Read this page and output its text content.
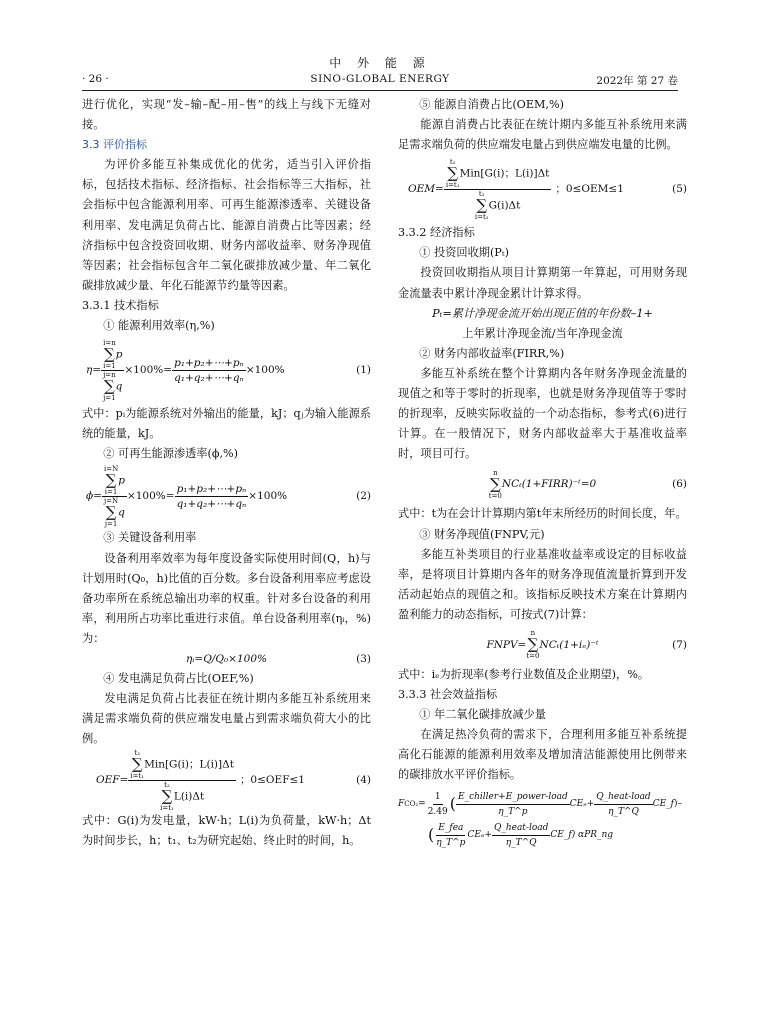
中 外 能 源
· 26 ·	SINO-GLOBAL ENERGY	2022年 第 27 卷

进行优化，实现“发–输–配–用–售”的线上与线下无缝对接。

3.3 评价指标

为评价多能互补集成优化的优劣，适当引入评价指标，包括技术指标、经济指标、社会指标等三大指标，社会指标中包含能源利用率、可再生能源渗透率、关键设备利用率、发电满足负荷占比、能源自消费占比等因素；经济指标中包含投资回收期、财务内部收益率、财务净现值等因素；社会指标包含年二氧化碳排放减少量、年二氧化碳排放减少量、年化石能源节约量等因素。

3.3.1 技术指标

① 能源利用效率(η,%)

η= i=n
∑
i=1
p
j=n
∑
j=1
$q \times 100\%= \frac{\text{p₁+p₂+⋯+pₙ}}{\text{q₁+q₂+⋯+qₙ}} \times 100\%$	(1)

式中：pᵢ为能源系统对外输出的能量，kJ；qⱼ为输入能源系统的能量，kJ。

② 可再生能源渗透率(ϕ,%)

ϕ= i=N
∑
i=1
p
j=N
∑
j=1
$q \times 100\%= \frac{\text{p₁+p₂+⋯+pₙ}}{\text{q₁+q₂+⋯+qₙ}} \times 100\%$	(2)

③ 关键设备利用率

设备利用率效率为每年度设备实际使用时间(Q，h)与计划用时(Q₀，h)比值的百分数。多台设备利用率应考虑设备功率所在系统总输出功率的权重。针对多台设备的利用率，利用所占功率比重进行求值。单台设备利用率(ηᵢ，%)为：

ηᵢ=Q/Q₀×100%	(3)

④ 发电满足负荷占比(OEF,%)

发电满足负荷占比表征在统计期内多能互补系统用来满足需求端负荷的供应端发电量占到需求端负荷大小的比例。

OEF= t₂
∑
i=t₁
Min[G(i)；L(i)]Δt
t₂
∑
i=t₁
L(i)Δt ；0≤OEF≤1	(4)

式中：G(i)为发电量，kW·h；L(i)为负荷量，kW·h；Δt为时间步长，h；t₁、t₂为研究起始、终止时的时间，h。

⑤ 能源自消费占比(OEM,%)

能源自消费占比表征在统计期内多能互补系统用来满足需求端负荷的供应端发电量占到供应端发电量的比例。

OEM= t₂
∑
i=t₁
Min[G(i)；L(i)]Δt
t₂
∑
i=t₁
G(i)Δt ；0≤OEM≤1	(5)

3.3.2 经济指标

① 投资回收期(Pₜ)

投资回收期指从项目计算期第一年算起，可用财务现金流量表中累计净现金累计计算求得。

Pₜ=累计净现金流开始出现正值的年份数–1+

上年累计净现金流/当年净现金流

② 财务内部收益率(FIRR,%)

多能互补系统在整个计算期内各年财务净现金流量的现值之和等于零时的折现率，也就是财务净现值等于零时的折现率，反映实际收益的一个动态指标，参考式(6)进行计算。在一般情况下，财务内部收益率大于基准收益率时，项目可行。

n
∑
t=0
NCₜ(1+FIRR)⁻ᵗ=0	(6)

式中：t为在会计计算期内第t年末所经历的时间长度，年。

③ 财务净现值(FNPV,元)

多能互补类项目的行业基准收益率或设定的目标收益率，是将项目计算期内各年的财务净现值流量折算到开发活动起始点的现值之和。该指标反映技术方案在计算期内盈利能力的动态指标，可按式(7)计算：

FNPV=
n
∑
t=0
NCₜ(1+iₑ)⁻ᵗ	(7)

式中：iₑ为折现率(参考行业数值及企业期望)，%。

3.3.3 社会效益指标

① 年二氧化碳排放减少量

在满足热冷负荷的需求下，合理利用多能互补系统提高化石能源的能源利用效率及增加清洁能源使用比例带来的碳排放水平评价指标。

F $CO_2 = \frac{1}{2.49}$ ( $\frac{\text{E\_chiller+E\_power-load}}{\eta\_T\^{}p} CE_e+ \frac{\text{Q\_heat-load}}{\eta\_T\^{}Q}$ CE_f )–
( $\frac{\text{E\_fea}}{\eta\_T\^{}p} CE_e+ \frac{\text{Q\_heat-load}}{\eta\_T\^{}Q}$ CE_f ) αPR_ng
